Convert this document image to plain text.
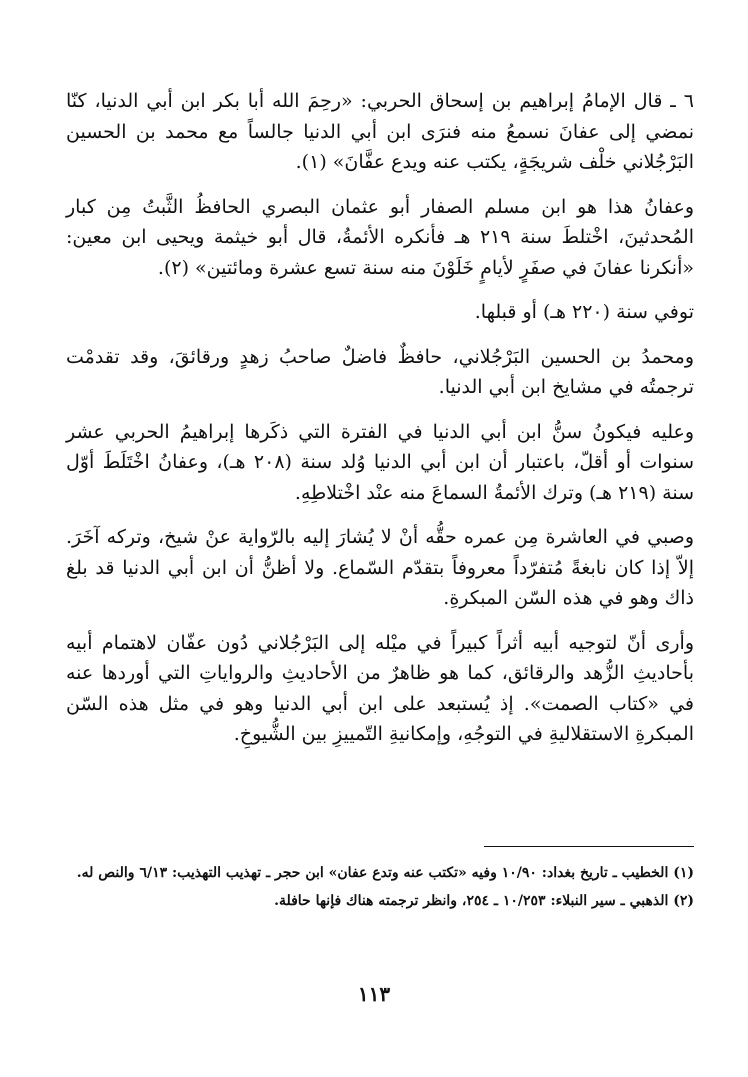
٦ ـ قال الإمامُ إبراهيم بن إسحاق الحربي: «رحِمَ الله أبا بكر ابن أبي الدنيا، كنّا نمضي إلى عفانَ نسمعُ منه فنرَى ابن أبي الدنيا جالساً مع محمد بن الحسين البَرْجُلاني خلْف شريجَةٍ، يكتب عنه ويدع عفَّانَ» (١).

وعفانُ هذا هو ابن مسلم الصفار أبو عثمان البصري الحافظُ الثَّبتُ مِن كبار المُحدثينَ، اخْتلطَ سنة ٢١٩ هـ فأنكره الأئمةُ، قال أبو خيثمة ويحيى ابن معين: «أنكرنا عفانَ في صفَرٍ لأيامٍ خَلَوْنَ منه سنة تسع عشرة ومائتين» (٢).

توفي سنة (٢٢٠ هـ) أو قبلها.

ومحمدُ بن الحسين البَرْجُلاني، حافظٌ فاضلٌ صاحبُ زهدٍ ورقائقَ، وقد تقدمْت ترجمتُه في مشايخ ابن أبي الدنيا.

وعليه فيكونُ سنُّ ابن أبي الدنيا في الفترة التي ذكَرها إبراهيمُ الحربي عشر سنوات أو أقلّ، باعتبار أن ابن أبي الدنيا وُلد سنة (٢٠٨ هـ)، وعفانُ اخْتَلَطَ أوّل سنة (٢١٩ هـ) وترك الأئمةُ السماعَ منه عنْد اخْتلاطِهِ.

وصبي في العاشرة مِن عمره حقُّه أنْ لا يُشارَ إليه بالرّواية عنْ شيخ، وتركه آخَرَ. إلاّ إذا كان نابغةً مُتفرّداً معروفاً بتقدّم السّماع. ولا أظنُّ أن ابن أبي الدنيا قد بلغ ذاك وهو في هذه السّن المبكرةِ.

وأرى أنّ لتوجيه أبيه أثراً كبيراً في ميْله إلى البَرْجُلاني دُون عفّان لاهتمام أبيه بأحاديثِ الزُّهد والرقائق، كما هو ظاهرٌ من الأحاديثِ والرواياتِ التي أوردها عنه في «كتاب الصمت». إذ يُستبعد على ابن أبي الدنيا وهو في مثل هذه السّن المبكرةِ الاستقلاليةِ في التوجُهِ، وإمكانيةِ التّمييزِ بين الشُّيوخِ.

(١) الخطيب ـ تاريخ بغداد: ١٠/٩٠ وفيه «تكتب عنه وتدع عفان» ابن حجر ـ تهذيب التهذيب: ٦/١٣ والنص له.

(٢) الذهبي ـ سير النبلاء: ١٠/٢٥٣ ـ ٢٥٤، وانظر ترجمته هناك فإنها حافلة.

١١٣
